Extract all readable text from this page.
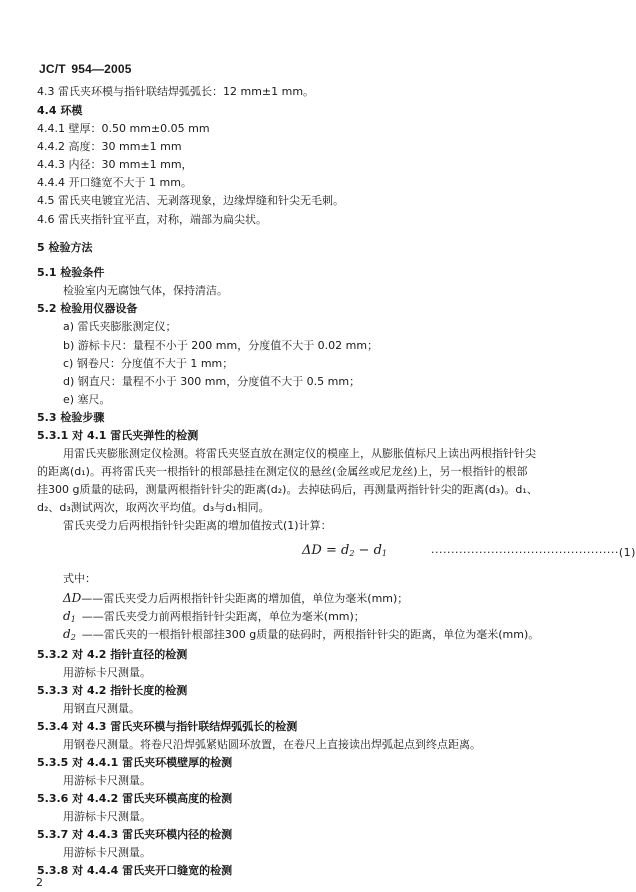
JC/T 954—2005
4.3 雷氏夹环模与指针联结焊弧弧长：12 mm±1 mm。
4.4 环模
4.4.1 壁厚：0.50 mm±0.05 mm
4.4.2 高度：30 mm±1 mm
4.4.3 内径：30 mm±1 mm，
4.4.4 开口缝宽不大于 1 mm。
4.5 雷氏夹电镀宜光洁、无剥落现象，边缘焊缝和针尖无毛刺。
4.6 雷氏夹指针宜平直，对称，端部为扁尖状。
5 检验方法
5.1 检验条件
检验室内无腐蚀气体，保持清洁。
5.2 检验用仪器设备
a) 雷氏夹膨胀测定仪；
b) 游标卡尺：量程不小于 200 mm，分度值不大于 0.02 mm；
c) 钢卷尺：分度值不大于 1 mm；
d) 钢直尺：量程不小于 300 mm，分度值不大于 0.5 mm；
e) 塞尺。
5.3 检验步骤
5.3.1 对 4.1 雷氏夹弹性的检测
用雷氏夹膨胀测定仪检测。将雷氏夹竖直放在测定仪的模座上，从膨胀值标尺上读出两根指针针尖
的距离(d₁)。再将雷氏夹一根指针的根部悬挂在测定仪的悬丝(金属丝或尼龙丝)上，另一根指针的根部
挂300 g质量的砝码，测量两根指针针尖的距离(d₂)。去掉砝码后，再测量两指针针尖的距离(d₃)。d₁、
d₂、d₃测试两次，取两次平均值。d₃与d₁相同。
雷氏夹受力后两根指针针尖距离的增加值按式(1)计算：
$\Delta D = d_2 - d_1$	···············································(1)
式中：
ΔD——雷氏夹受力后两根指针针尖距离的增加值，单位为毫米(mm)；
$d_1$ ——雷氏夹受力前两根指针针尖距离，单位为毫米(mm)；
$d_2$ ——雷氏夹的一根指针根部挂300 g质量的砝码时，两根指针针尖的距离，单位为毫米(mm)。
5.3.2 对 4.2 指针直径的检测
用游标卡尺测量。
5.3.3 对 4.2 指针长度的检测
用钢直尺测量。
5.3.4 对 4.3 雷氏夹环模与指针联结焊弧弧长的检测
用钢卷尺测量。将卷尺沿焊弧紧贴圆环放置，在卷尺上直接读出焊弧起点到终点距离。
5.3.5 对 4.4.1 雷氏夹环模壁厚的检测
用游标卡尺测量。
5.3.6 对 4.4.2 雷氏夹环模高度的检测
用游标卡尺测量。
5.3.7 对 4.4.3 雷氏夹环模内径的检测
用游标卡尺测量。
5.3.8 对 4.4.4 雷氏夹开口缝宽的检测
2
